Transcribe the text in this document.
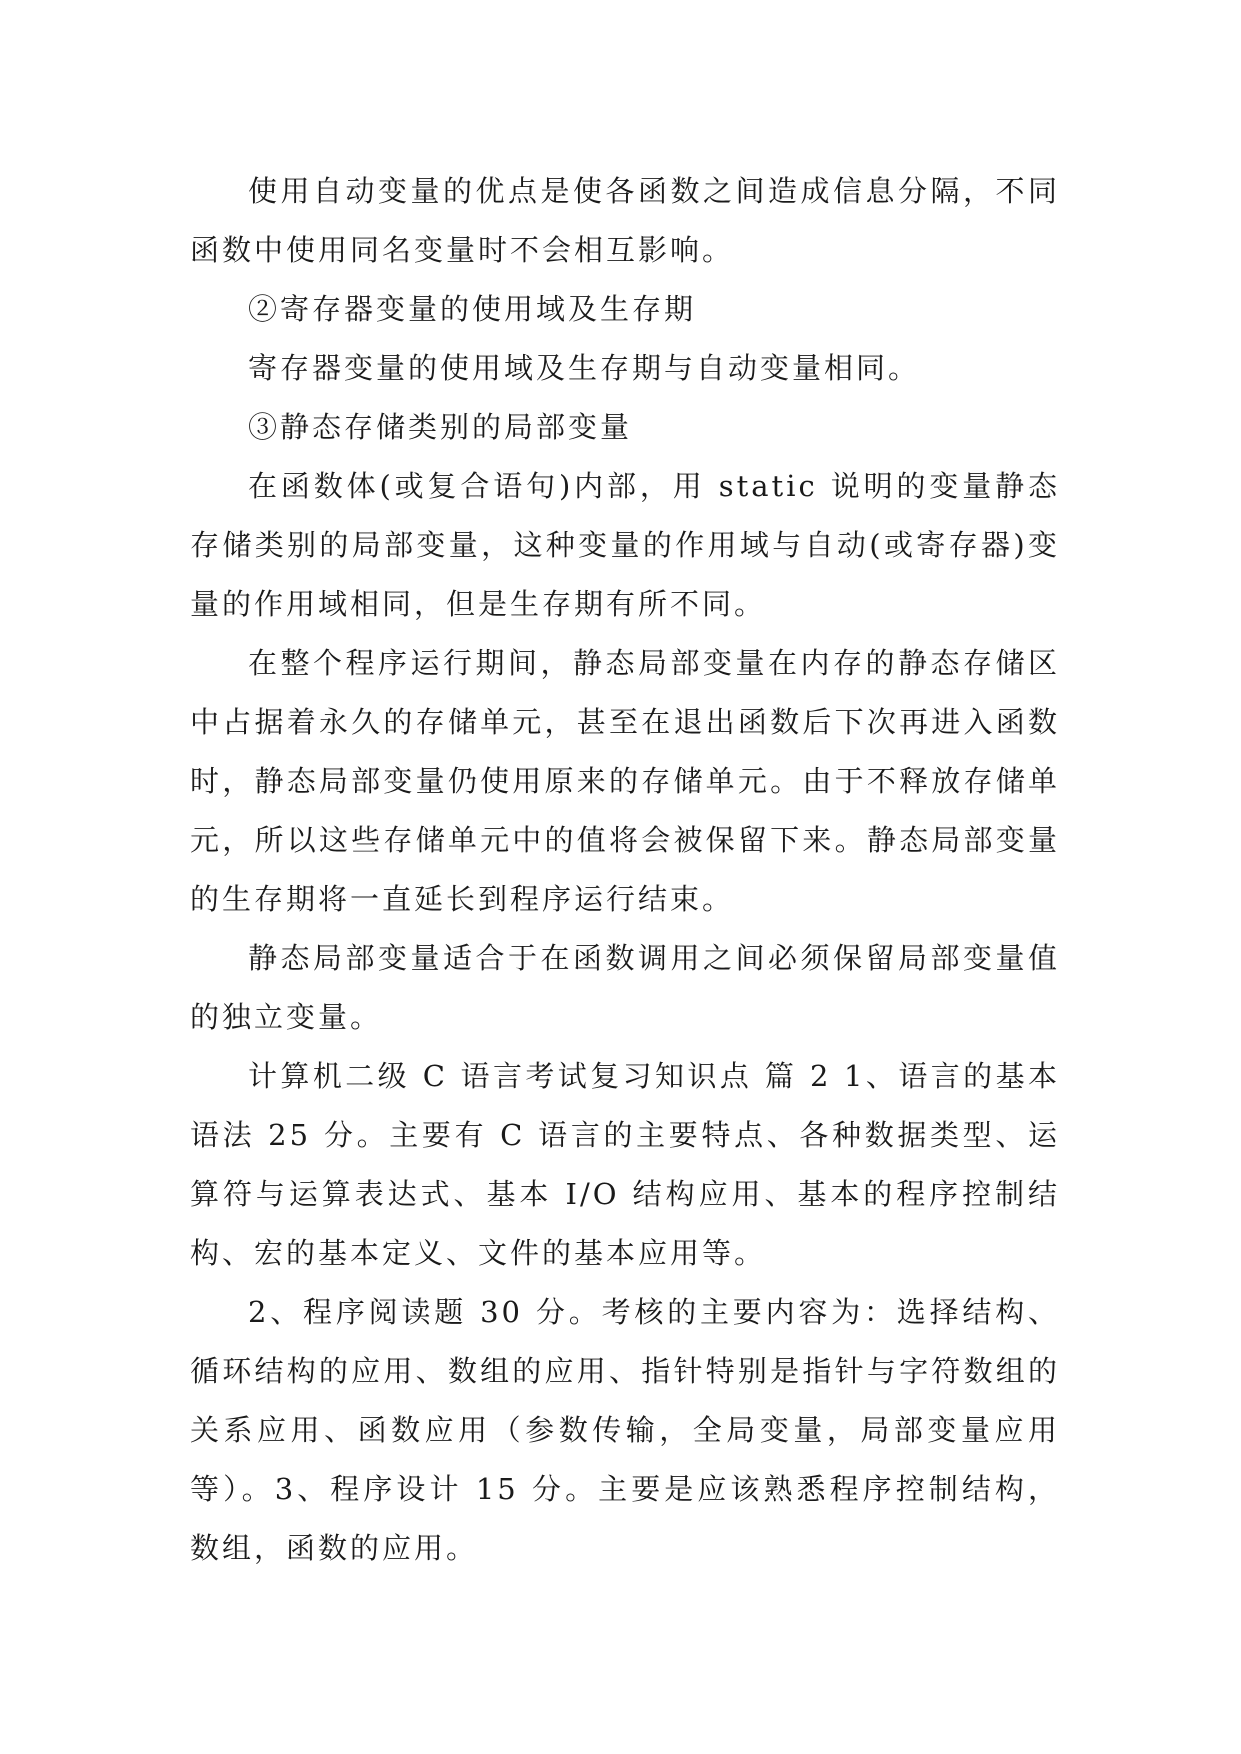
使用自动变量的优点是使各函数之间造成信息分隔，不同函数中使用同名变量时不会相互影响。

②寄存器变量的使用域及生存期

寄存器变量的使用域及生存期与自动变量相同。

③静态存储类别的局部变量

在函数体(或复合语句)内部，用 static 说明的变量静态存储类别的局部变量，这种变量的作用域与自动(或寄存器)变量的作用域相同，但是生存期有所不同。

在整个程序运行期间，静态局部变量在内存的静态存储区中占据着永久的存储单元，甚至在退出函数后下次再进入函数时，静态局部变量仍使用原来的存储单元。由于不释放存储单元，所以这些存储单元中的值将会被保留下来。静态局部变量的生存期将一直延长到程序运行结束。

静态局部变量适合于在函数调用之间必须保留局部变量值的独立变量。

计算机二级 C 语言考试复习知识点 篇 2 1、语言的基本语法 25 分。主要有 C 语言的主要特点、各种数据类型、运算符与运算表达式、基本 I/O 结构应用、基本的程序控制结构、宏的基本定义、文件的基本应用等。

2、程序阅读题 30 分。考核的主要内容为：选择结构、循环结构的应用、数组的应用、指针特别是指针与字符数组的关系应用、函数应用（参数传输，全局变量，局部变量应用等）。3、程序设计 15 分。主要是应该熟悉程序控制结构，数组，函数的应用。
